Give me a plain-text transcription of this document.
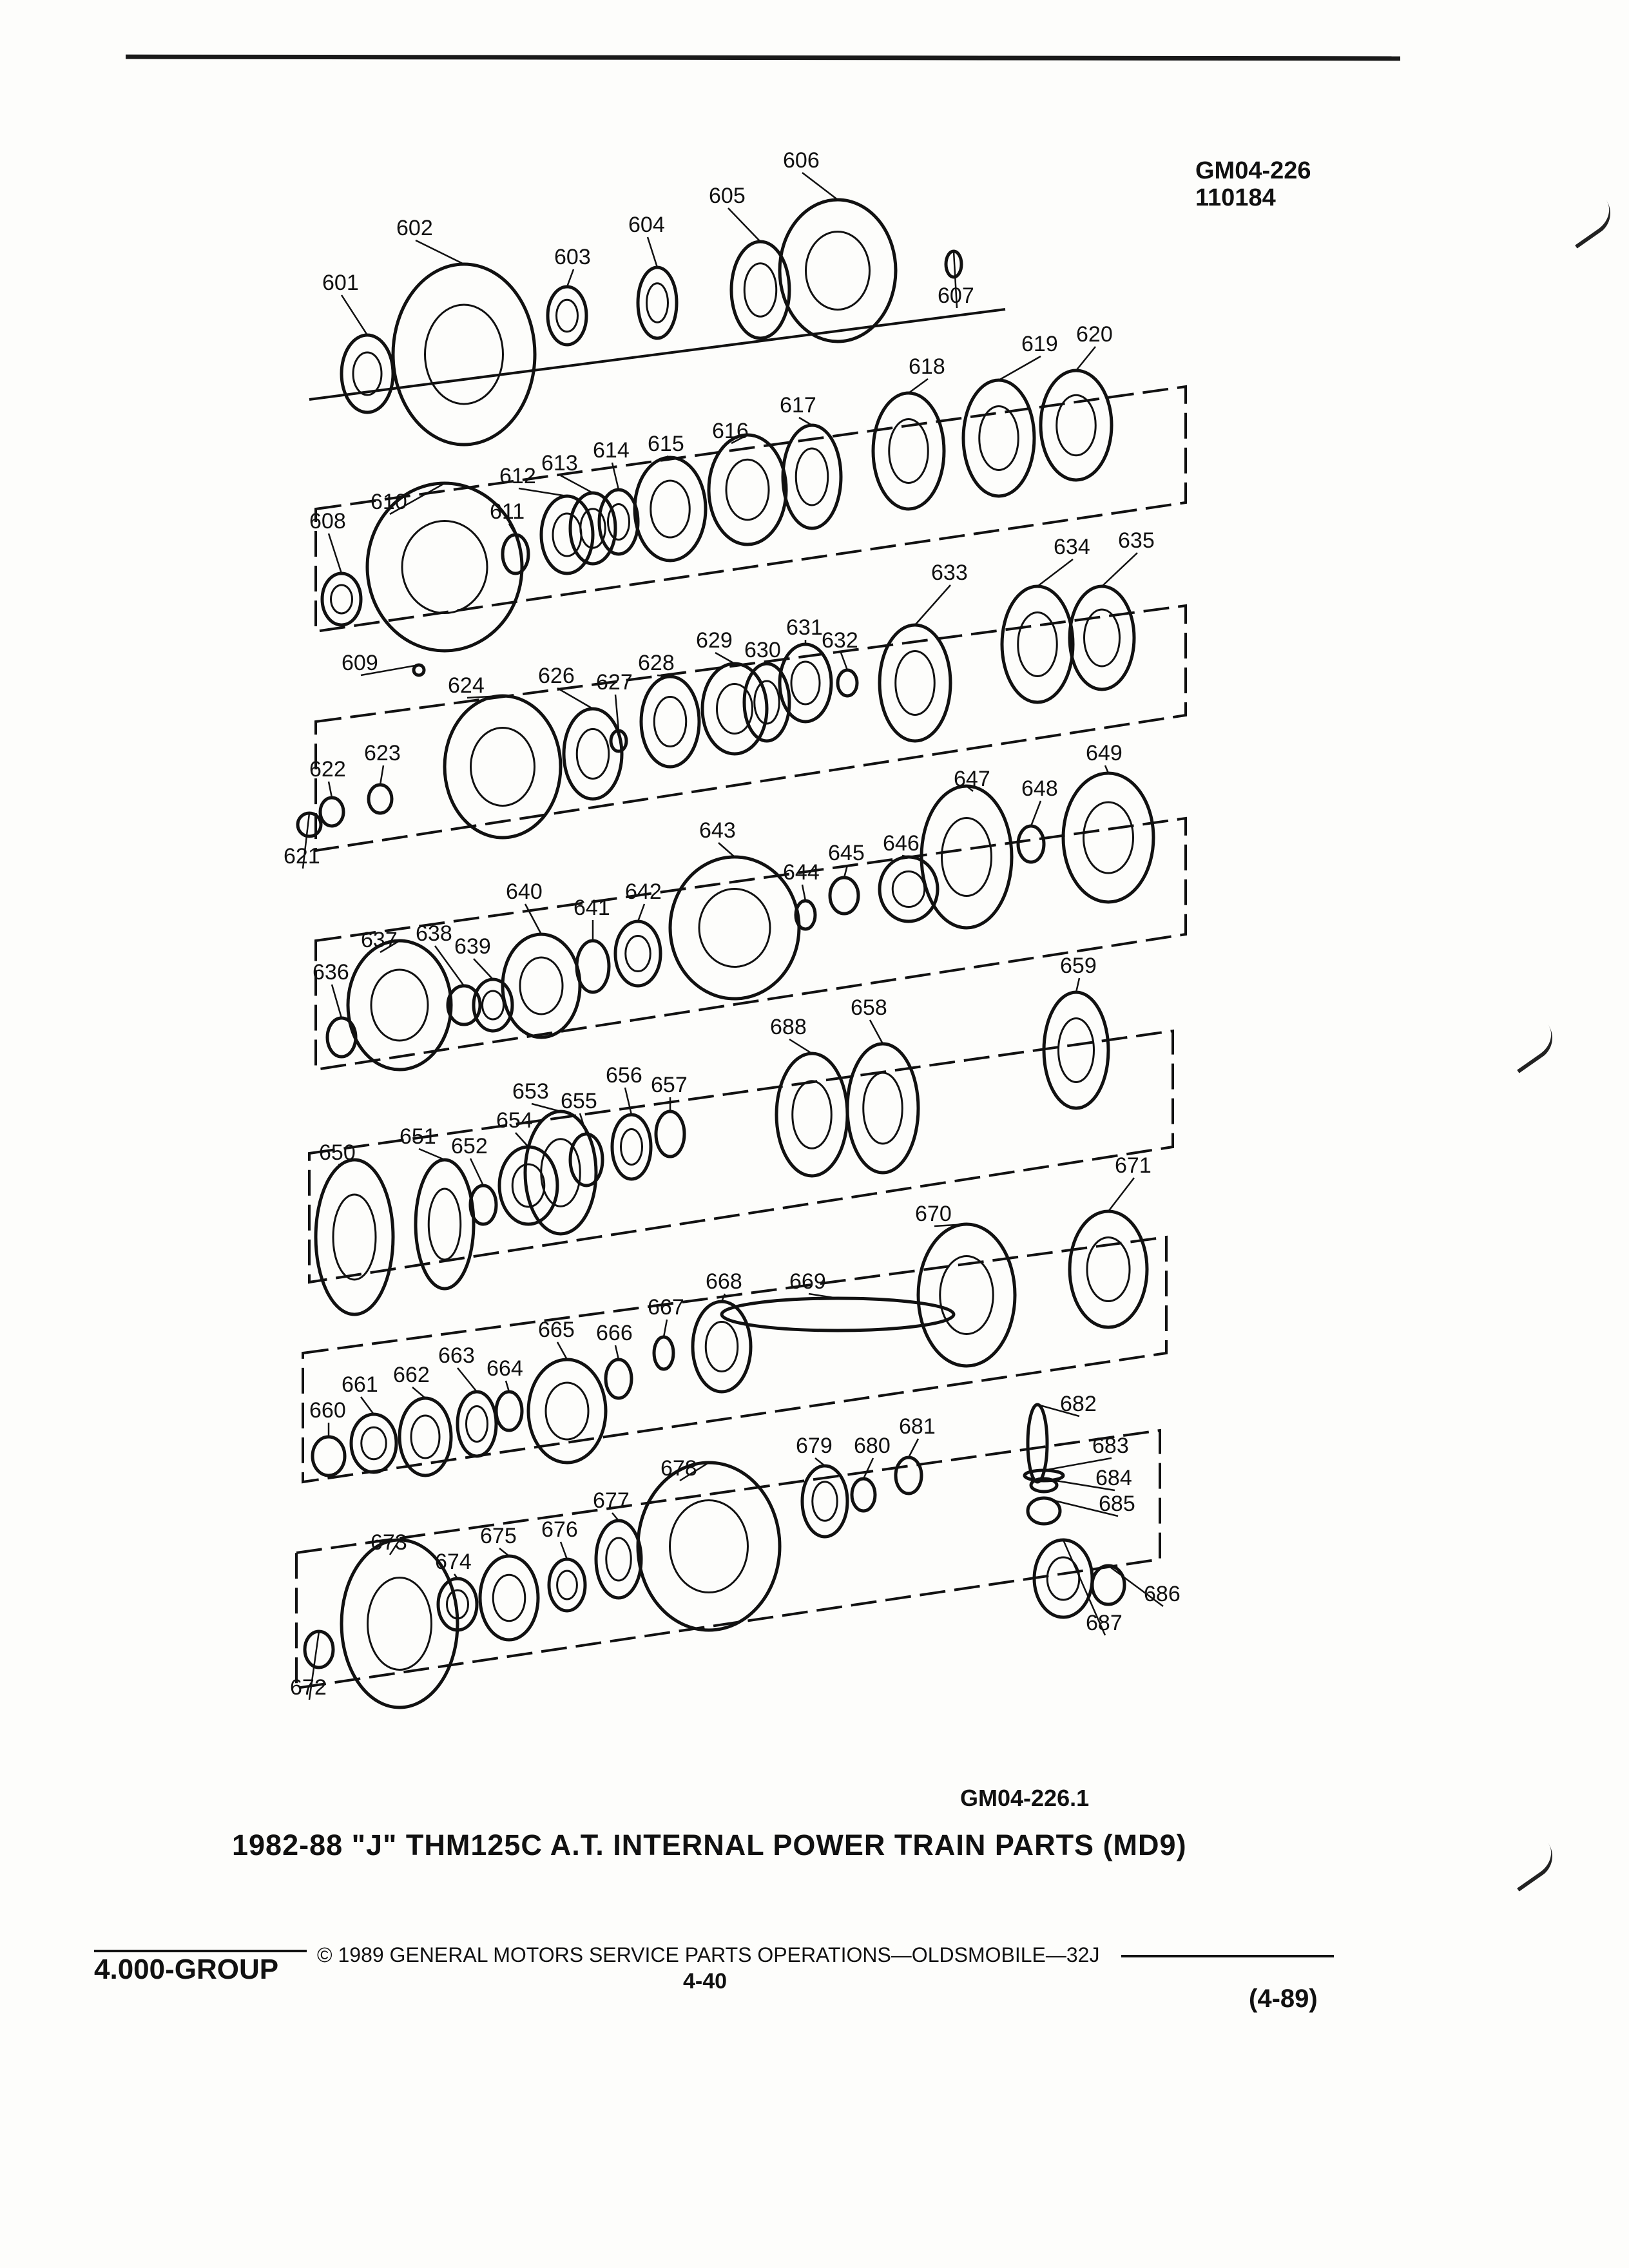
GM04-226
110184
601
602
603
604
605
606
607
608
609
610	611
612
613
614 615
616
617
618
619 620
621
622
623
624 626 627
628
629 630
631
632
633
634 635
636
637 638
639
640
641
642
643
644
645 646
647 648
649
650
651 652
653
654
655
656 657
658
659
660
661 662
663
664
665 666
667
668 669
670
671
672
673
674
675 676
677
678
679 680
681
682
683
684
685
686
687
688
GM04-226.1
1982-88 "J" THM125C A.T. INTERNAL POWER TRAIN PARTS (MD9)
© 1989 GENERAL MOTORS SERVICE PARTS OPERATIONS—OLDSMOBILE—32J
4.000-GROUP	4-40
(4-89)
